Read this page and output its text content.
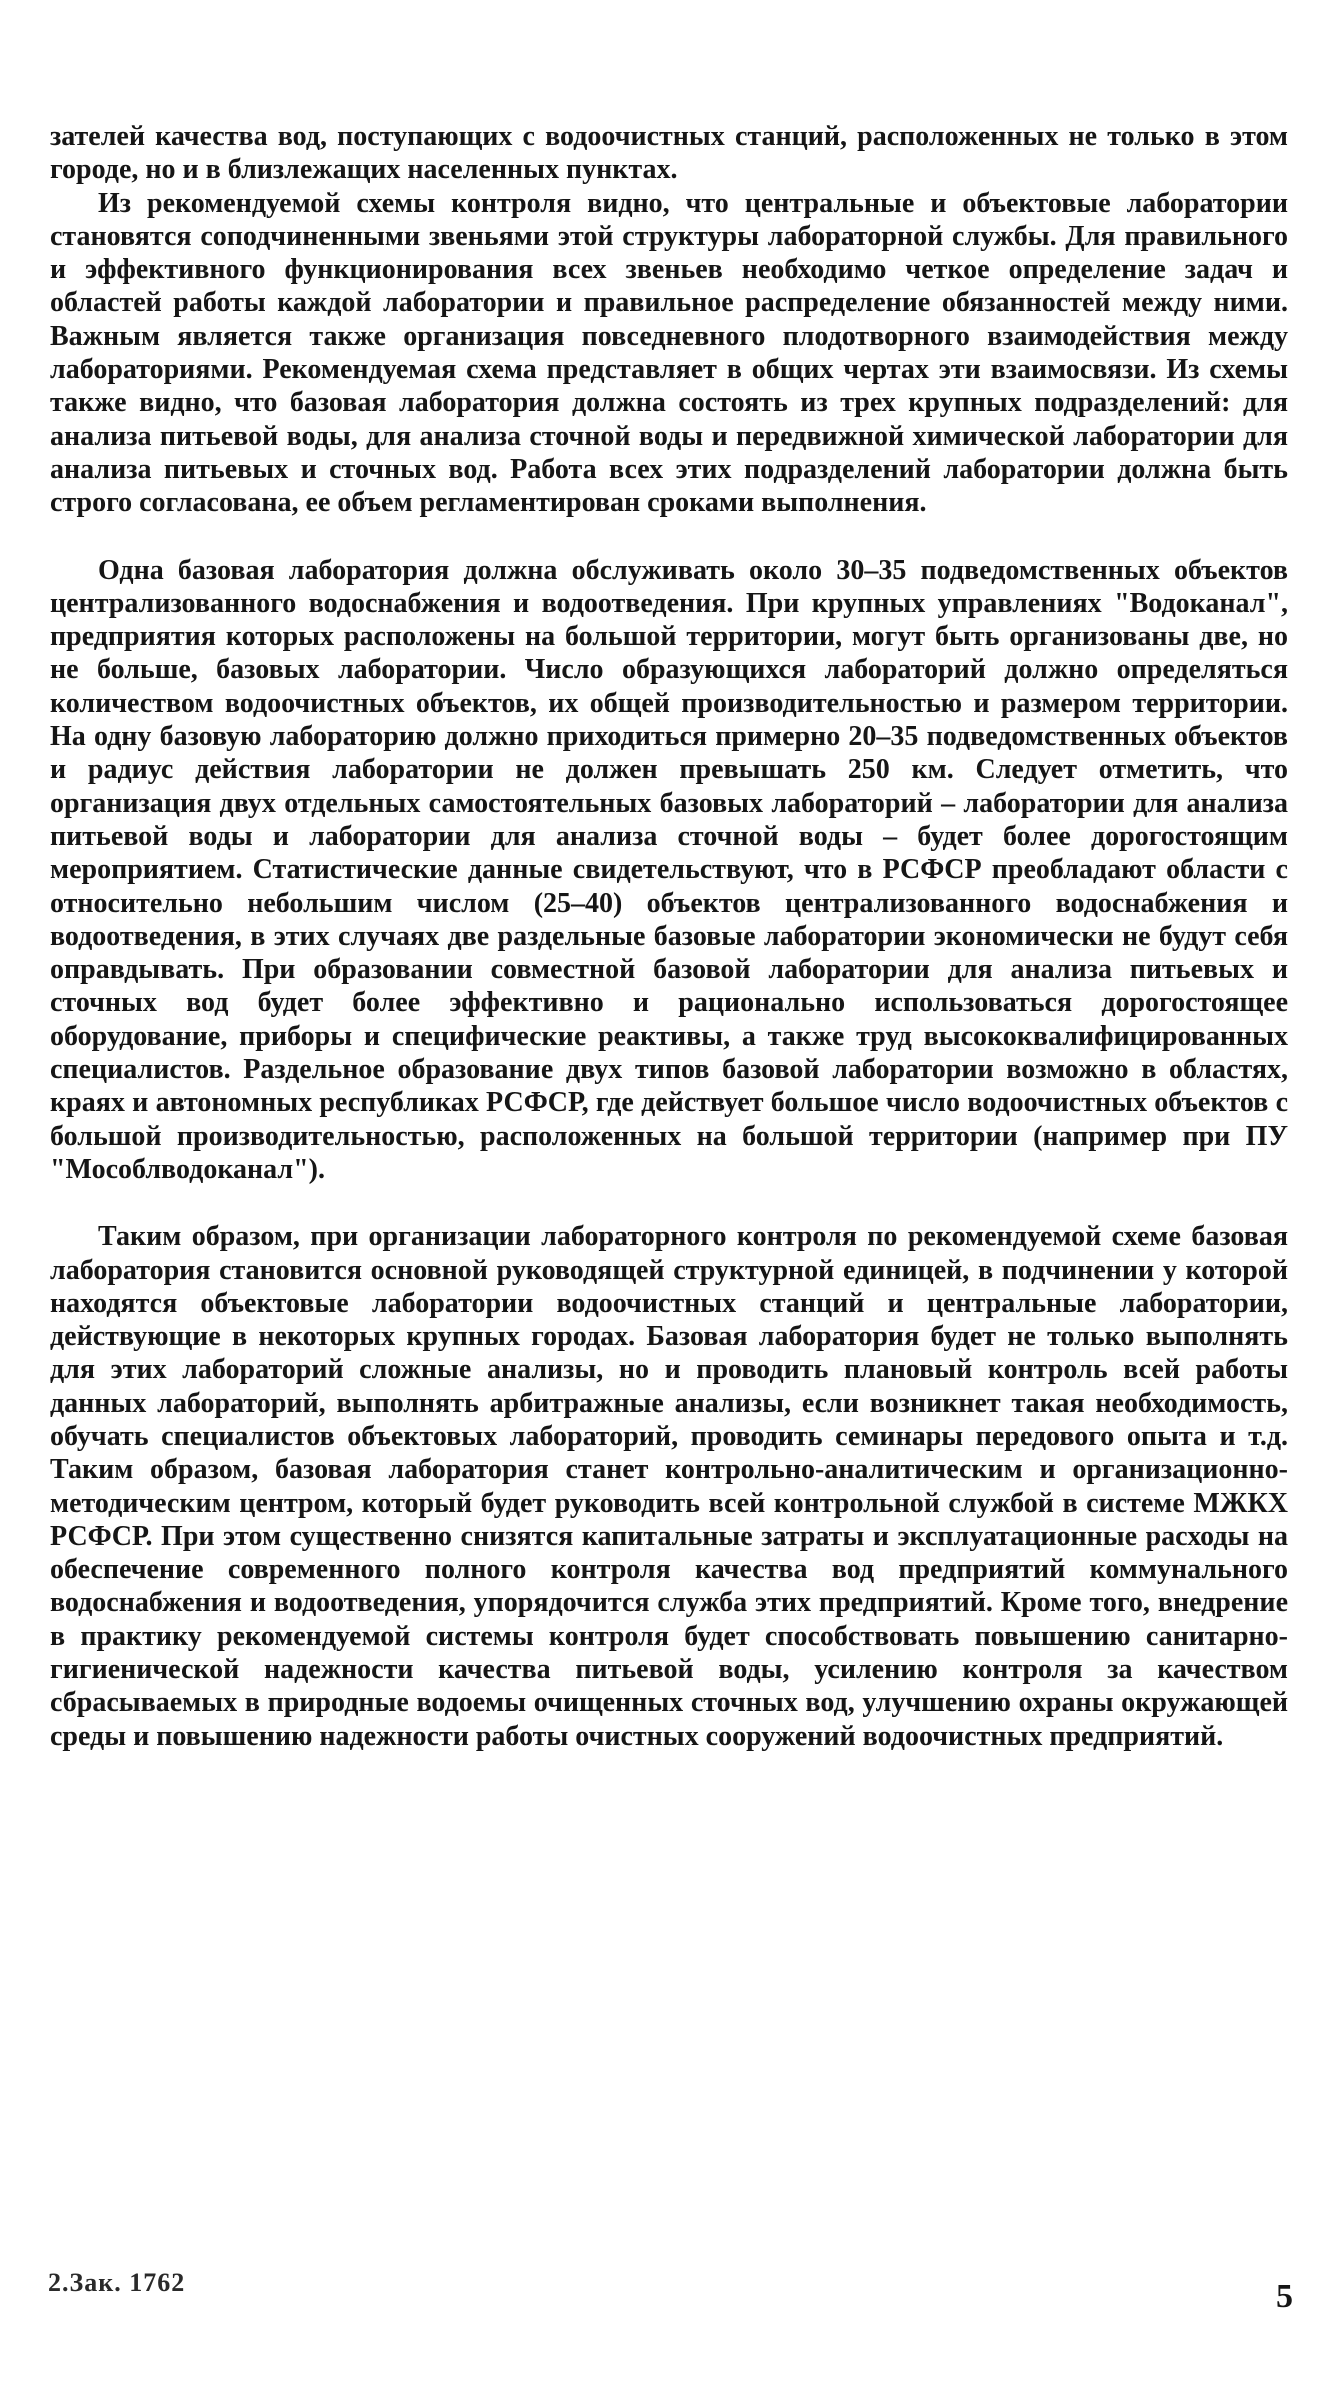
зателей качества вод, поступающих с водоочистных станций, расположенных не только в этом городе, но и в близлежащих населенных пунктах.

Из рекомендуемой схемы контроля видно, что центральные и объектовые лаборатории становятся соподчиненными звеньями этой структуры лабораторной службы. Для правильного и эффективного функционирования всех звеньев необходимо четкое определение задач и областей работы каждой лаборатории и правильное распределение обязанностей между ними. Важным является также организация повседневного плодотворного взаимодействия между лабораториями. Рекомендуемая схема представляет в общих чертах эти взаимосвязи. Из схемы также видно, что базовая лаборатория должна состоять из трех крупных подразделений: для анализа питьевой воды, для анализа сточной воды и передвижной химической лаборатории для анализа питьевых и сточных вод. Работа всех этих подразделений лаборатории должна быть строго согласована, ее объем регламентирован сроками выполнения.

Одна базовая лаборатория должна обслуживать около 30–35 подведомственных объектов централизованного водоснабжения и водоотведения. При крупных управлениях "Водоканал", предприятия которых расположены на большой территории, могут быть организованы две, но не больше, базовых лаборатории. Число образующихся лабораторий должно определяться количеством водоочистных объектов, их общей производительностью и размером территории. На одну базовую лабораторию должно приходиться примерно 20–35 подведомственных объектов и радиус действия лаборатории не должен превышать 250 км. Следует отметить, что организация двух отдельных самостоятельных базовых лабораторий – лаборатории для анализа питьевой воды и лаборатории для анализа сточной воды – будет более дорогостоящим мероприятием. Статистические данные свидетельствуют, что в РСФСР преобладают области с относительно небольшим числом (25–40) объектов централизованного водоснабжения и водоотведения, в этих случаях две раздельные базовые лаборатории экономически не будут себя оправдывать. При образовании совместной базовой лаборатории для анализа питьевых и сточных вод будет более эффективно и рационально использоваться дорогостоящее оборудование, приборы и специфические реактивы, а также труд высококвалифицированных специалистов. Раздельное образование двух типов базовой лаборатории возможно в областях, краях и автономных республиках РСФСР, где действует большое число водоочистных объектов с большой производительностью, расположенных на большой территории (например при ПУ "Мособлводоканал").

Таким образом, при организации лабораторного контроля по рекомендуемой схеме базовая лаборатория становится основной руководящей структурной единицей, в подчинении у которой находятся объектовые лаборатории водоочистных станций и центральные лаборатории, действующие в некоторых крупных городах. Базовая лаборатория будет не только выполнять для этих лабораторий сложные анализы, но и проводить плановый контроль всей работы данных лабораторий, выполнять арбитражные анализы, если возникнет такая необходимость, обучать специалистов объектовых лабораторий, проводить семинары передового опыта и т.д. Таким образом, базовая лаборатория станет контрольно-аналитическим и организационно-методическим центром, который будет руководить всей контрольной службой в системе МЖКХ РСФСР. При этом существенно снизятся капитальные затраты и эксплуатационные расходы на обеспечение современного полного контроля качества вод предприятий коммунального водоснабжения и водоотведения, упорядочится служба этих предприятий. Кроме того, внедрение в практику рекомендуемой системы контроля будет способствовать повышению санитарно-гигиенической надежности качества питьевой воды, усилению контроля за качеством сбрасываемых в природные водоемы очищенных сточных вод, улучшению охраны окружающей среды и повышению надежности работы очистных сооружений водоочистных предприятий.

2.Зак. 1762	5
